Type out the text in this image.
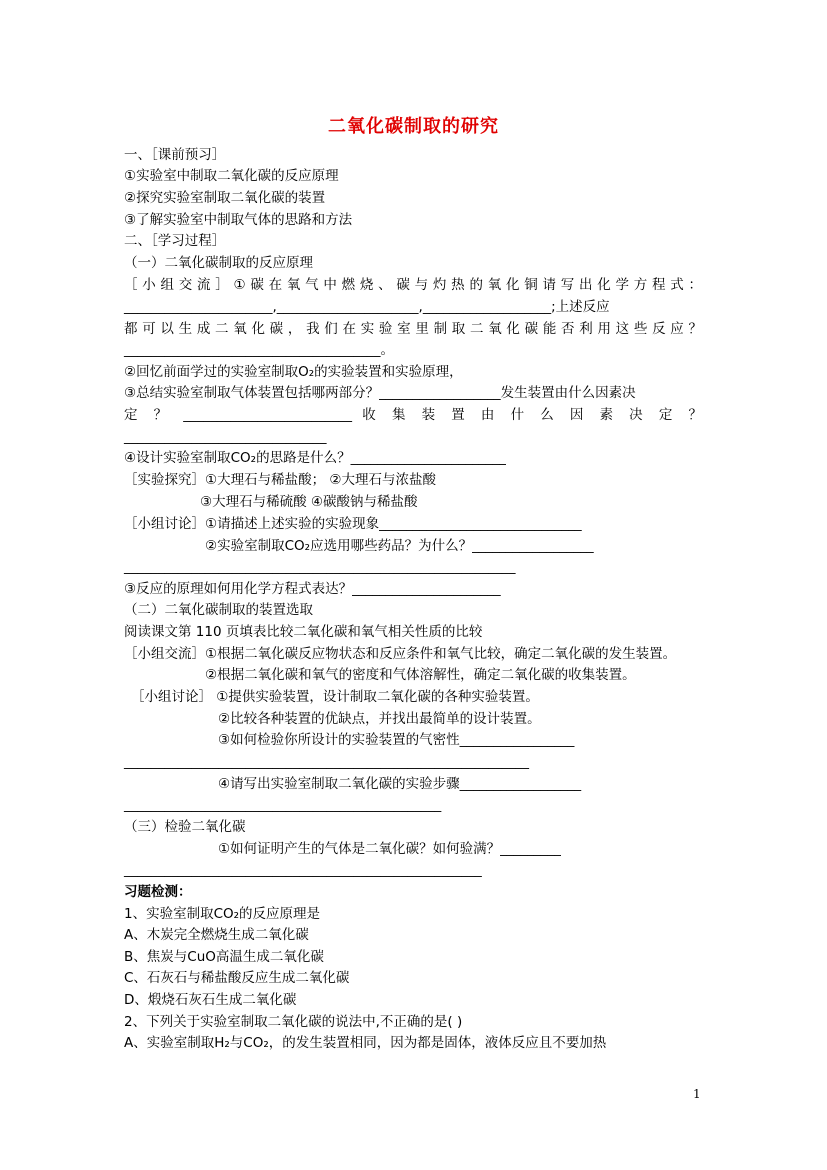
二氧化碳制取的研究
一、［课前预习］
①实验室中制取二氧化碳的反应原理
②探究实验室制取二氧化碳的装置
③了解实验室中制取气体的思路和方法
二、［学习过程］
（一）二氧化碳制取的反应原理
［小组交流］①碳在氧气中燃烧、碳与灼热的氧化铜请写出化学方程式：
______________________,_____________________,___________________;上述反应
都可以生成二氧化碳，我们在实验室里制取二氧化碳能否利用这些反应？
______________________________________。
②回忆前面学过的实验室制取O₂的实验装置和实验原理，
③总结实验室制取气体装置包括哪两部分？__________________发生装置由什么因素决
定 ？ _________________________ 收 集 装 置 由 什 么 因 素 决 定 ？
______________________________
④设计实验室制取CO₂的思路是什么？_______________________
［实验探究］①大理石与稀盐酸； ②大理石与浓盐酸
③大理石与稀硫酸 ④碳酸钠与稀盐酸
［小组讨论］①请描述上述实验的实验现象______________________________
②实验室制取CO₂应选用哪些药品？为什么？__________________
__________________________________________________________
③反应的原理如何用化学方程式表达？______________________
（二）二氧化碳制取的装置选取
阅读课文第 110 页填表比较二氧化碳和氧气相关性质的比较
［小组交流］①根据二氧化碳反应物状态和反应条件和氧气比较，确定二氧化碳的发生装置。
②根据二氧化碳和氧气的密度和气体溶解性，确定二氧化碳的收集装置。
［小组讨论］ ①提供实验装置，设计制取二氧化碳的各种实验装置。
②比较各种装置的优缺点，并找出最简单的设计装置。
③如何检验你所设计的实验装置的气密性_________________
____________________________________________________________
④请写出实验室制取二氧化碳的实验步骤__________________
_______________________________________________
（三）检验二氧化碳
①如何证明产生的气体是二氧化碳？如何验满？_________
_____________________________________________________
习题检测：
1、实验室制取CO₂的反应原理是
A、木炭完全燃烧生成二氧化碳
B、焦炭与CuO高温生成二氧化碳
C、石灰石与稀盐酸反应生成二氧化碳
D、煅烧石灰石生成二氧化碳
2、下列关于实验室制取二氧化碳的说法中,不正确的是( )
A、实验室制取H₂与CO₂，的发生装置相同，因为都是固体，液体反应且不要加热
1
